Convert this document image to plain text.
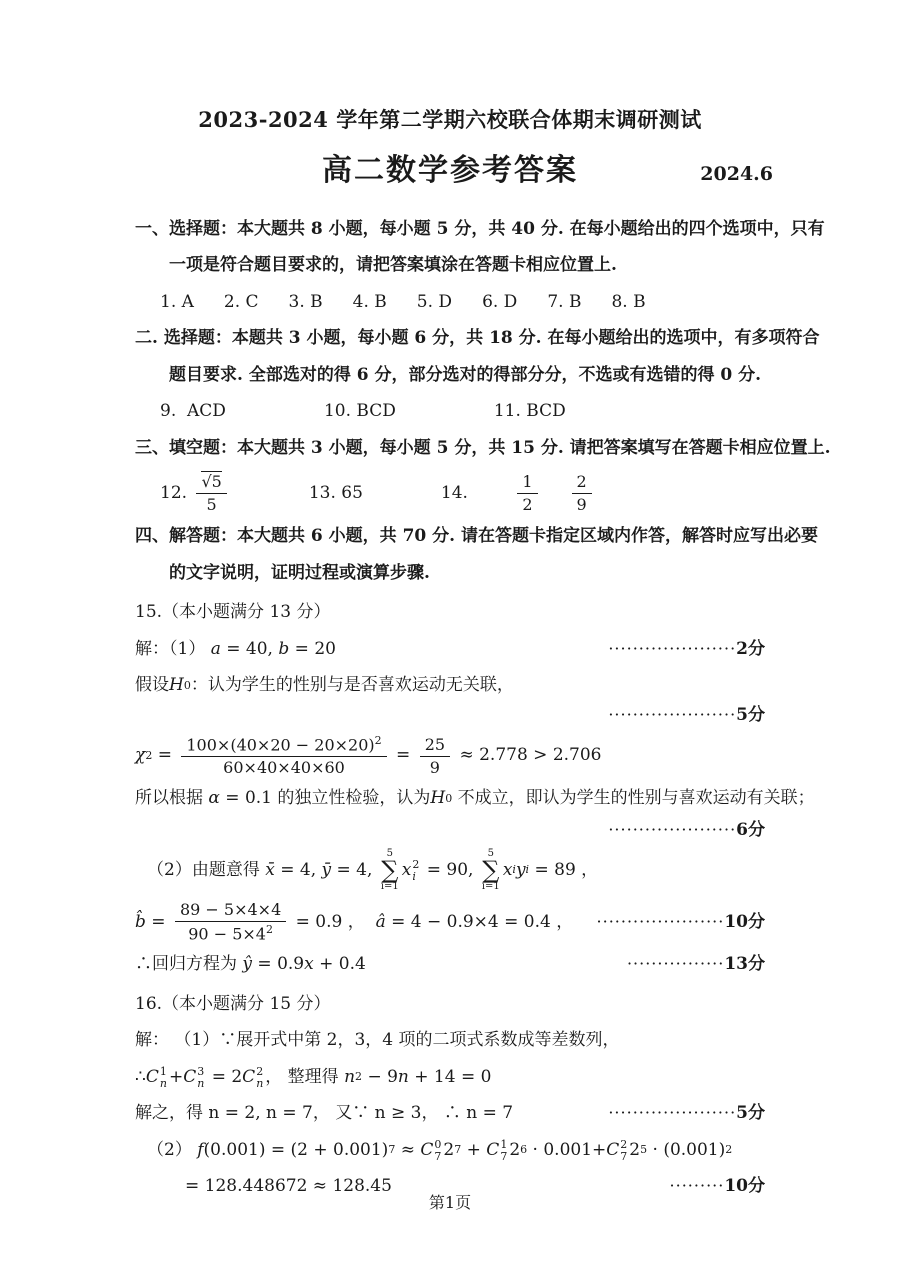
2023-2024 学年第二学期六校联合体期末调研测试
高二数学参考答案	2024.6
一、选择题：本大题共 8 小题，每小题 5 分，共 40 分. 在每小题给出的四个选项中，只有
一项是符合题目要求的，请把答案填涂在答题卡相应位置上.
1. A 2. C 3. B 4. B 5. D 6. D 7. B 8. B
二. 选择题：本题共 3 小题，每小题 6 分，共 18 分. 在每小题给出的选项中，有多项符合
题目要求. 全部选对的得 6 分，部分选对的得部分分，不选或有选错的得 0 分.
9.  ACD	10. BCD	11. BCD
三、填空题：本大题共 3 小题，每小题 5 分，共 15 分. 请把答案填写在答题卡相应位置上.
12. $\frac{√5}{5}$	13. 65	14.	$\frac{1}{2} \frac{2}{9}$
四、解答题：本大题共 6 小题，共 70 分. 请在答题卡指定区域内作答，解答时应写出必要
的文字说明，证明过程或演算步骤.
15.（本小题满分 13 分）
解：（1） a = 40, b = 20	·····················2分
假设 H 0 ：认为学生的性别与是否喜欢运动无关联，
·····················5分
χ $2 = \frac{100\times(40\times 20 - 20\times 20)^2}{60\times 40\times 40\times 60} = \frac{25}{9} \approx 2.778 > 2.706$
所以根据 α = 0.1 的独立性检验，认为 H 0 不成立，即认为学生的性别与喜欢运动有关联；
·····················6分
（2）由题意得 x̄ = 4, ȳ = 4,
5
∑
i=1
x 2
i = 90,
5
∑
i=1
x i y i = 89 ，
b̂ = $\frac{89 - 5\times 4\times 4}{90 - 5\times 4^2} = 0.9$ ， â = 4 − 0.9×4 = 0.4 ， ·····················10分
∴回归方程为 ŷ = 0.9 x + 0.4	················13分
16.（本小题满分 15 分）
解： （1）∵展开式中第 2，3，4 项的二项式系数成等差数列，
∴ C 1
n + C 3
n = 2 C 2
n ， 整理得 n 2 − 9 n + 14 = 0
解之，得 n = 2, n = 7， 又∵ n ≥ 3， ∴ n = 7	·····················5分
（2） f (0.001) = (2 + 0.001) 7 ≈ C 0
7 2 7 + C 1
7 2 6 · 0.001+ C 2
7 2 5 · (0.001) 2
= 128.448672 ≈ 128.45	·········10分
第1页
